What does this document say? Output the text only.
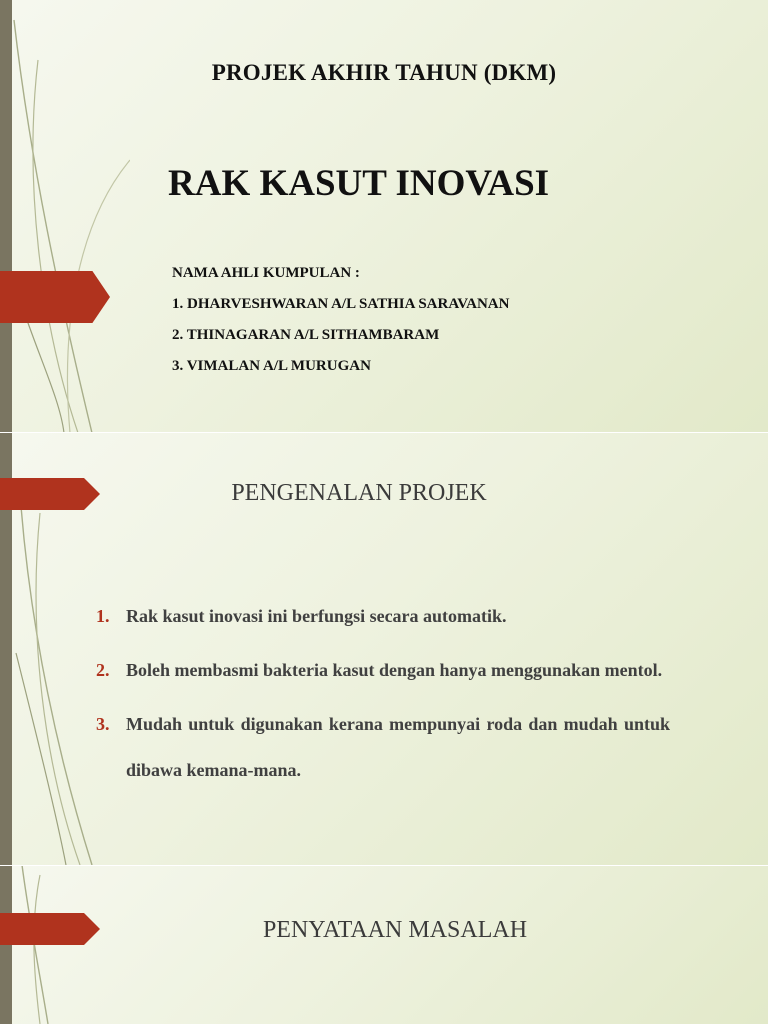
PROJEK AKHIR TAHUN (DKM)
RAK KASUT INOVASI
NAMA AHLI KUMPULAN :
1. DHARVESHWARAN A/L SATHIA SARAVANAN
2. THINAGARAN A/L SITHAMBARAM
3. VIMALAN A/L MURUGAN
PENGENALAN PROJEK
1. Rak kasut inovasi ini berfungsi secara automatik.
2. Boleh membasmi bakteria kasut dengan hanya menggunakan mentol.
3. Mudah untuk digunakan kerana mempunyai roda dan mudah untuk dibawa kemana-mana.
PENYATAAN MASALAH
